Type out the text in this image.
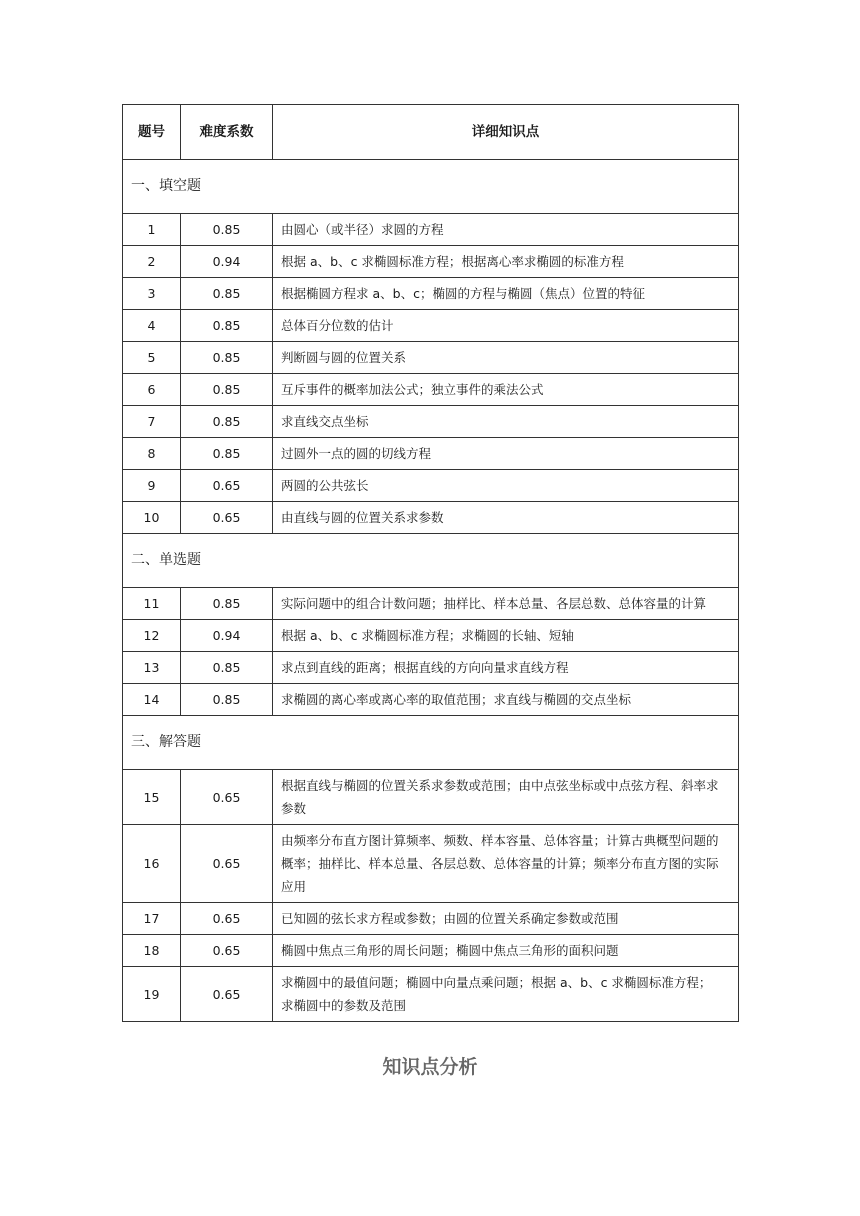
题号	难度系数	详细知识点
一、填空题		
1	0.85	由圆心（或半径）求圆的方程

2	0.94	根据 a、b、c 求椭圆标准方程；根据离心率求椭圆的标准方程

3	0.85	根据椭圆方程求 a、b、c；椭圆的方程与椭圆（焦点）位置的特征

4	0.85	总体百分位数的估计

5	0.85	判断圆与圆的位置关系

6	0.85	互斥事件的概率加法公式；独立事件的乘法公式

7	0.85	求直线交点坐标

8	0.85	过圆外一点的圆的切线方程

9	0.65	两圆的公共弦长

10	0.65	由直线与圆的位置关系求参数

二、单选题		
11	0.85	实际问题中的组合计数问题；抽样比、样本总量、各层总数、总体容量的计算

12	0.94	根据 a、b、c 求椭圆标准方程；求椭圆的长轴、短轴

13	0.85	求点到直线的距离；根据直线的方向向量求直线方程

14	0.85	求椭圆的离心率或离心率的取值范围；求直线与椭圆的交点坐标

三、解答题		
15	0.65	根据直线与椭圆的位置关系求参数或范围；由中点弦坐标或中点弦方程、斜率求
参数

16	0.65	由频率分布直方图计算频率、频数、样本容量、总体容量；计算古典概型问题的
概率；抽样比、样本总量、各层总数、总体容量的计算；频率分布直方图的实际
应用

17	0.65	已知圆的弦长求方程或参数；由圆的位置关系确定参数或范围

18	0.65	椭圆中焦点三角形的周长问题；椭圆中焦点三角形的面积问题

19	0.65	求椭圆中的最值问题；椭圆中向量点乘问题；根据 a、b、c 求椭圆标准方程；
求椭圆中的参数及范围
知识点分析
